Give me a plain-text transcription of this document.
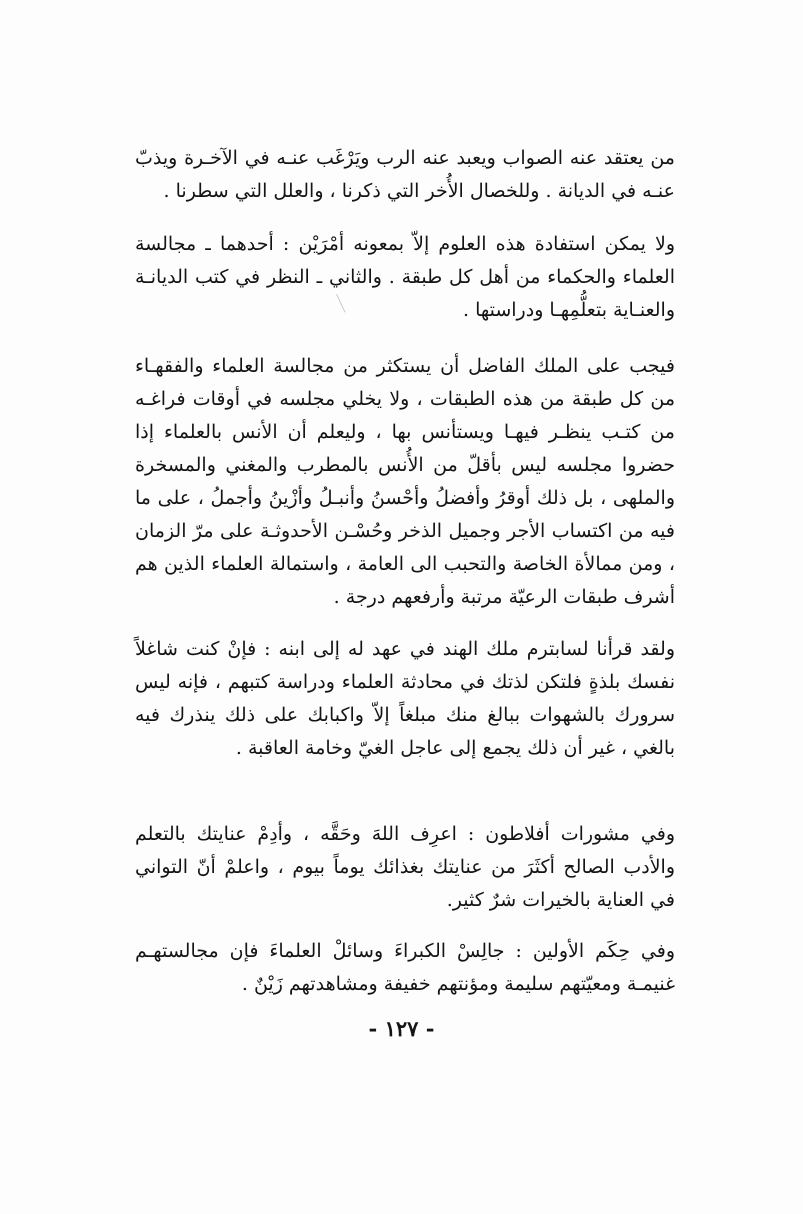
من يعتقد عنه الصواب ويعبد عنه الرب ويَرْغَب عنـه في الآخـرة ويذبّ عنـه في الديانة . وللخصال الأُخر التي ذكرنا ، والعلل التي سطرنا .

ولا يمكن استفادة هذه العلوم إلاّ بمعونه أمْرَيْن : أحدهما ـ مجالسة العلماء والحكماء من أهل كل طبقة . والثاني ـ النظر في كتب الديانـة والعنـاية بتعلُّمِهـا ودراستها .

فيجب على الملك الفاضل أن يستكثر من مجالسة العلماء والفقهـاء من كل طبقة من هذه الطبقات ، ولا يخلي مجلسه في أوقات فراغـه من كتـب ينظـر فيهـا ويستأنس بها ، وليعلم أن الأنس بالعلماء إذا حضروا مجلسه ليس بأقلّ من الأُنس بالمطرب والمغني والمسخرة والملهى ، بل ذلك أوقرُ وأفضلُ وأحْسنُ وأنبـلُ وأزْينُ وأجملُ ، على ما فيه من اكتساب الأجر وجميل الذخر وحُسْـن الأحدوثـة على مرّ الزمان ، ومن ممالأة الخاصة والتحبب الى العامة ، واستمالة العلماء الذين هم أشرف طبقات الرعيّة مرتبة وأرفعهم درجة .

ولقد قرأنا لسابترم ملك الهند في عهد له إلى ابنه : فإنْ كنت شاغلاً نفسك بلذةٍ فلتكن لذتك في محادثة العلماء ودراسة كتبهم ، فإنه ليس سرورك بالشهوات ببالغ منك مبلغاً إلاّ واكبابك على ذلك ينذرك فيه بالغي ، غير أن ذلك يجمع إلى عاجل الغيّ وخامة العاقبة .

وفي مشورات أفلاطون : اعرِف اللهَ وحَقَّه ، وأدِمْ عنايتك بالتعلم والأدب الصالح أكثَرَ من عنايتك بغذائك يوماً بيوم ، واعلمْ أنّ التواني في العناية بالخيرات شرٌ كثير.

وفي حِكَم الأولين : جالِسْ الكبراءَ وسائلْ العلماءَ فإن مجالستهـم غنيمـة ومعيّتهم سليمة ومؤنتهم خفيفة ومشاهدتهم زَيْنٌ .

- ١٢٧ -
